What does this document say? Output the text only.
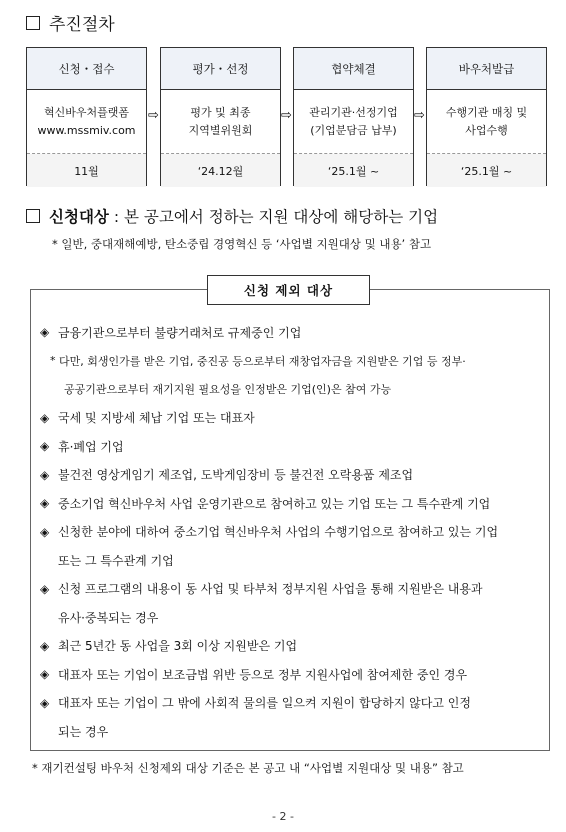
추진절차
신청・접수
혁신바우처플랫폼
www.mssmiv.com
11월
⇨
평가・선정
평가 및 최종
지역별위원회
‘24.12월
⇨
협약체결
관리기관·선정기업
(기업분담금 납부)
‘25.1월 ~
⇨
바우처발급
수행기관 매칭 및
사업수행
‘25.1월 ~
신청대상
: 본 공고에서 정하는 지원 대상에 해당하는 기업
* 일반, 중대재해예방, 탄소중립 경영혁신 등 ‘사업별 지원대상 및 내용’ 참고
신청 제외 대상
◈ 금융기관으로부터 불량거래처로 규제중인 기업
*
다만, 회생인가를 받은 기업, 중진공 등으로부터 재창업자금을 지원받은 기업 등 정부·
공공기관으로부터 재기지원 필요성을 인정받은 기업(인)은 참여 가능
◈ 국세 및 지방세 체납 기업 또는 대표자
◈ 휴·폐업 기업
◈ 불건전 영상게임기 제조업, 도박게임장비 등 불건전 오락용품 제조업
◈ 중소기업 혁신바우처 사업 운영기관으로 참여하고 있는 기업 또는 그 특수관계 기업
◈ 신청한 분야에 대하여 중소기업 혁신바우처 사업의 수행기업으로 참여하고 있는 기업
또는 그 특수관계 기업
◈ 신청 프로그램의 내용이 동 사업 및 타부처 정부지원 사업을 통해 지원받은 내용과
유사·중복되는 경우
◈ 최근 5년간 동 사업을 3회 이상 지원받은 기업
◈ 대표자 또는 기업이 보조금법 위반 등으로 정부 지원사업에 참여제한 중인 경우
◈ 대표자 또는 기업이 그 밖에 사회적 물의를 일으켜 지원이 합당하지 않다고 인정
되는 경우
* 재기컨설팅 바우처 신청제외 대상 기준은 본 공고 내 “사업별 지원대상 및 내용” 참고
- 2 -
